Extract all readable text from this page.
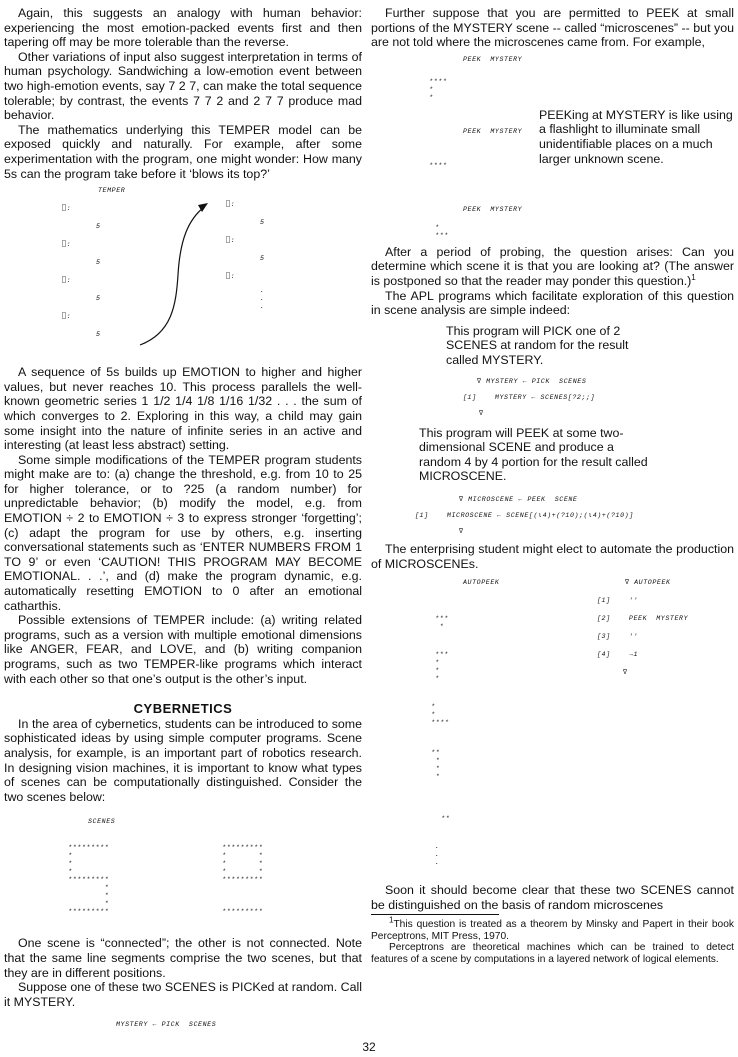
Again, this suggests an analogy with human behavior: experiencing the most emotion-packed events first and then tapering off may be more tolerable than the reverse.

Other variations of input also suggest interpretation in terms of human psychology. Sandwiching a low-emotion event between two high-emotion events, say 7 2 7, can make the total sequence tolerable; by contrast, the events 7 7 2 and 2 7 7 produce mad behavior.

The mathematics underlying this TEMPER model can be exposed quickly and naturally. For example, after some experimentation with the program, one might wonder: How many 5s can the program take before it ‘blows its top?’

TEMPER
⎕:
5
⎕:
5
⎕:
5
⎕:
5
⎕:
5
⎕:
5
⎕:
.
.
.

A sequence of 5s builds up EMOTION to higher and higher values, but never reaches 10. This process parallels the well-known geometric series 1 1/2 1/4 1/8 1/16 1/32 . . . the sum of which converges to 2. Exploring in this way, a child may gain some insight into the nature of infinite series in an active and interesting (at least less abstract) setting.

Some simple modifications of the TEMPER program students might make are to: (a) change the threshold, e.g. from 10 to 25 for higher tolerance, or to ?25 (a random number) for unpredictable behavior; (b) modify the model, e.g. from EMOTION ÷ 2 to EMOTION ÷ 3 to express stronger ‘forgetting’; (c) adapt the program for use by others, e.g. inserting conversational statements such as ‘ENTER NUMBERS FROM 1 TO 9’ or even ‘CAUTION! THIS PROGRAM MAY BECOME EMOTIONAL. . .’, and (d) make the program dynamic, e.g. automatically resetting EMOTION to 0 after an emotional catharthis.

Possible extensions of TEMPER include: (a) writing related programs, such as a version with multiple emotional dimensions like ANGER, FEAR, and LOVE, and (b) writing companion programs, such as two TEMPER-like programs which interact with each other so that one’s output is the other’s input.

CYBERNETICS

In the area of cybernetics, students can be introduced to some sophisticated ideas by using simple computer programs. Scene analysis, for example, is an important part of robotics research. In designing vision machines, it is important to know what types of scenes can be computationally distinguished. Consider the two scenes below:

SCENES
*********
*
*
*
*********
*
*
*
*********
*********
*       *
*       *
*       *
*********

*********

One scene is “connected”; the other is not connected. Note that the same line segments comprise the two scenes, but that they are in different positions.

Suppose one of these two SCENES is PICKed at random. Call it MYSTERY.

MYSTERY ← PICK  SCENES

Further suppose that you are permitted to PEEK at small portions of the MYSTERY scene -- called “microscenes” -- but you are not told where the microscenes came from. For example,

PEEK  MYSTERY
****
*
*
PEEK  MYSTERY
PEEKing at MYSTERY is like using a flashlight to illuminate small unidentifiable places on a much larger unknown scene.
****
PEEK  MYSTERY
*
***

After a period of probing, the question arises: Can you determine which scene it is that you are looking at? (The answer is postponed so that the reader may ponder this question.)$^1$

The APL programs which facilitate exploration of this question in scene analysis are simple indeed:

This program will PICK one of 2 SCENES at random for the result called MYSTERY.

∇ MYSTERY ← PICK  SCENES
[1]    MYSTERY ← SCENES[?2;;]
∇

This program will PEEK at some two-dimensional SCENE and produce a random 4 by 4 portion for the result called MICROSCENE.

∇ MICROSCENE ← PEEK  SCENE
[1]    MICROSCENE ← SCENE[(⍳4)+(?10);(⍳4)+(?10)]
∇

The enterprising student might elect to automate the production of MICROSCENEs.

AUTOPEEK	∇ AUTOPEEK
[1]    ''
[2]    PEEK  MYSTERY
[3]    ''
[4]    →1
∇
***
*
***
*
*
*
*
*
****
**
*
*
*
**
.
.
.

Soon it should become clear that these two SCENES cannot be distinguished on the basis of random microscenes

$^1$This question is treated as a theorem by Minsky and Papert in their book Perceptrons, MIT Press, 1970.

Perceptrons are theoretical machines which can be trained to detect features of a scene by computations in a layered network of logical elements.

32
